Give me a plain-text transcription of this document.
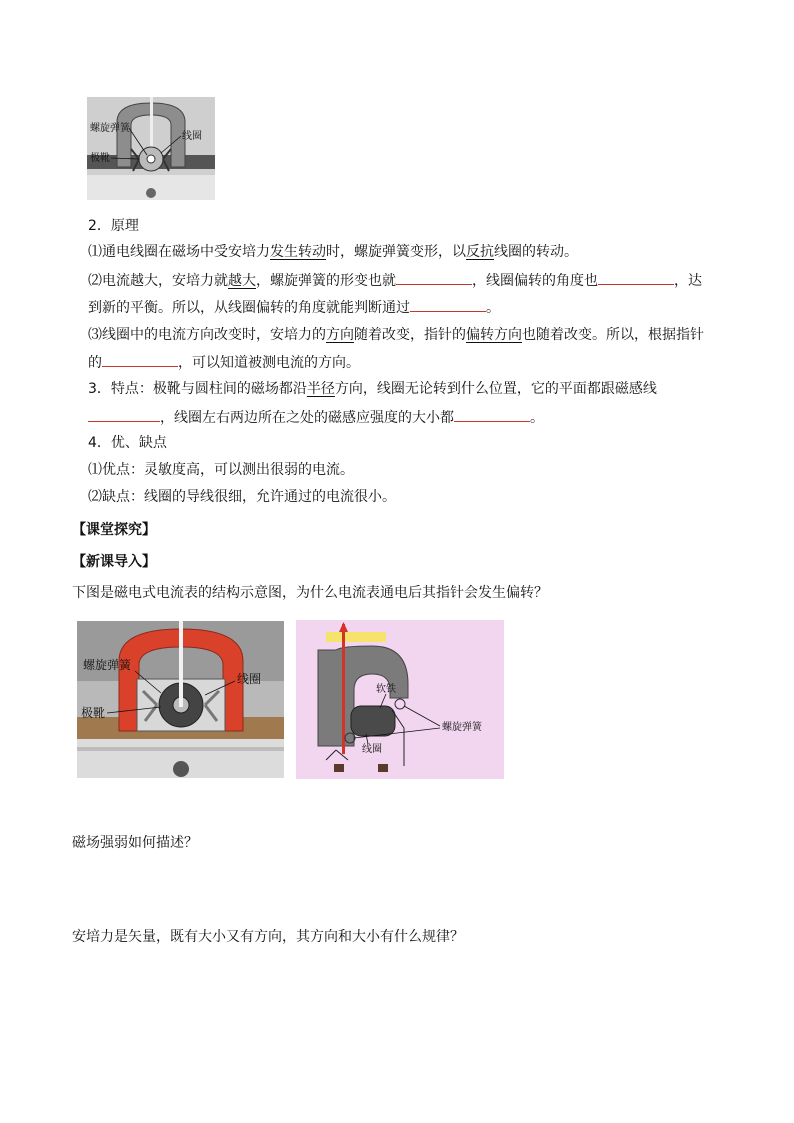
螺旋弹簧
线圈
极靴
2．原理
⑴通电线圈在磁场中受安培力发生转动时，螺旋弹簧变形，以反抗线圈的转动。
⑵电流越大，安培力就越大，螺旋弹簧的形变也就	，线圈偏转的角度也	，达
到新的平衡。所以，从线圈偏转的角度就能判断通过	。
⑶线圈中的电流方向改变时，安培力的方向随着改变，指针的偏转方向也随着改变。所以，根据指针
的	，可以知道被测电流的方向。
3．特点：极靴与圆柱间的磁场都沿半径方向，线圈无论转到什么位置，它的平面都跟磁感线
，线圈左右两边所在之处的磁感应强度的大小都	。
4．优、缺点
⑴优点：灵敏度高，可以测出很弱的电流。
⑵缺点：线圈的导线很细，允许通过的电流很小。
【课堂探究】
【新课导入】
下图是磁电式电流表的结构示意图，为什么电流表通电后其指针会发生偏转？
螺旋弹簧
线圈
极靴
软铁
螺旋弹簧
线圈
磁场强弱如何描述？
安培力是矢量，既有大小又有方向，其方向和大小有什么规律？
